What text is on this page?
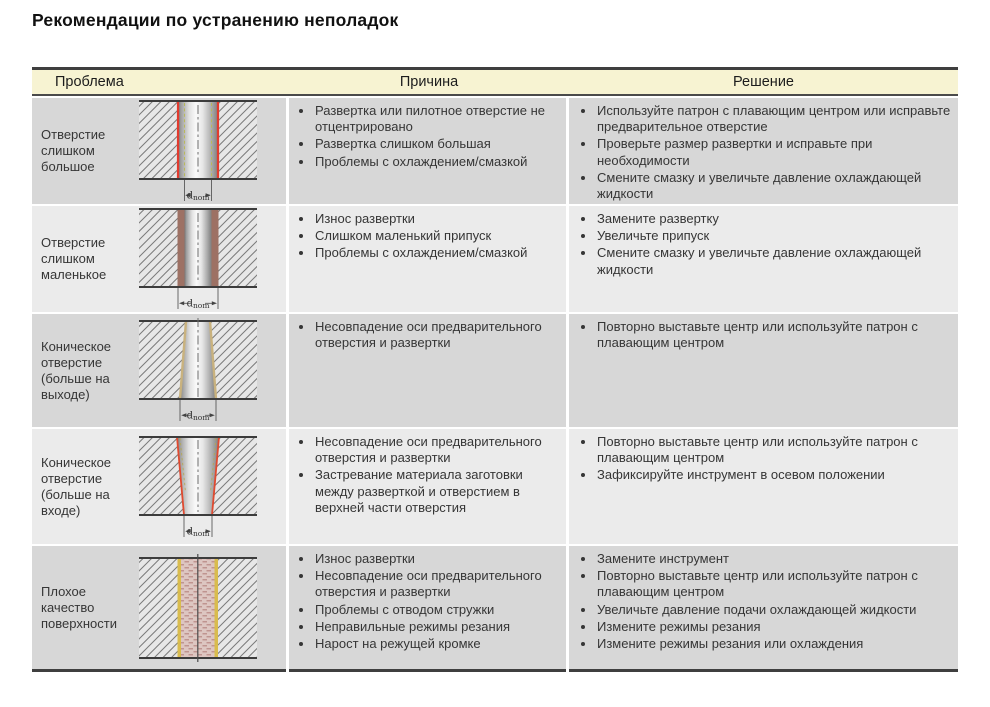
Рекомендации по устранению неполадок
Проблема	Причина	Решение
Отверстие слишком большое
dnom
• Развертка или пилотное отверстие не отцентрировано
• Развертка слишком большая
• Проблемы с охлаждением/смазкой
• Используйте патрон с плавающим центром или исправьте предварительное отверстие
• Проверьте размер развертки и исправьте при необходимости
• Смените смазку и увеличьте давление охлаждающей жидкости
Отверстие слишком маленькое
dnom
• Износ развертки
• Слишком маленький припуск
• Проблемы с охлаждением/смазкой
• Замените развертку
• Увеличьте припуск
• Смените смазку и увеличьте давление охлаждающей жидкости
Коническое отверстие (больше на выходе)
dnom
• Несовпадение оси предварительного отверстия и развертки
• Повторно выставьте центр или используйте патрон с плавающим центром
Коническое отверстие (больше на входе)
dnom
• Несовпадение оси предварительного отверстия и развертки
• Застревание материала заготовки между разверткой и отверстием в верхней части отверстия
• Повторно выставьте центр или используйте патрон с плавающим центром
• Зафиксируйте инструмент в осевом положении
Плохое качество поверхности
• Износ развертки
• Несовпадение оси предварительного отверстия и развертки
• Проблемы с отводом стружки
• Неправильные режимы резания
• Нарост на режущей кромке
• Замените инструмент
• Повторно выставьте центр или используйте патрон с плавающим центром
• Увеличьте давление подачи охлаждающей жидкости
• Измените режимы резания
• Измените режимы резания или охлаждения
